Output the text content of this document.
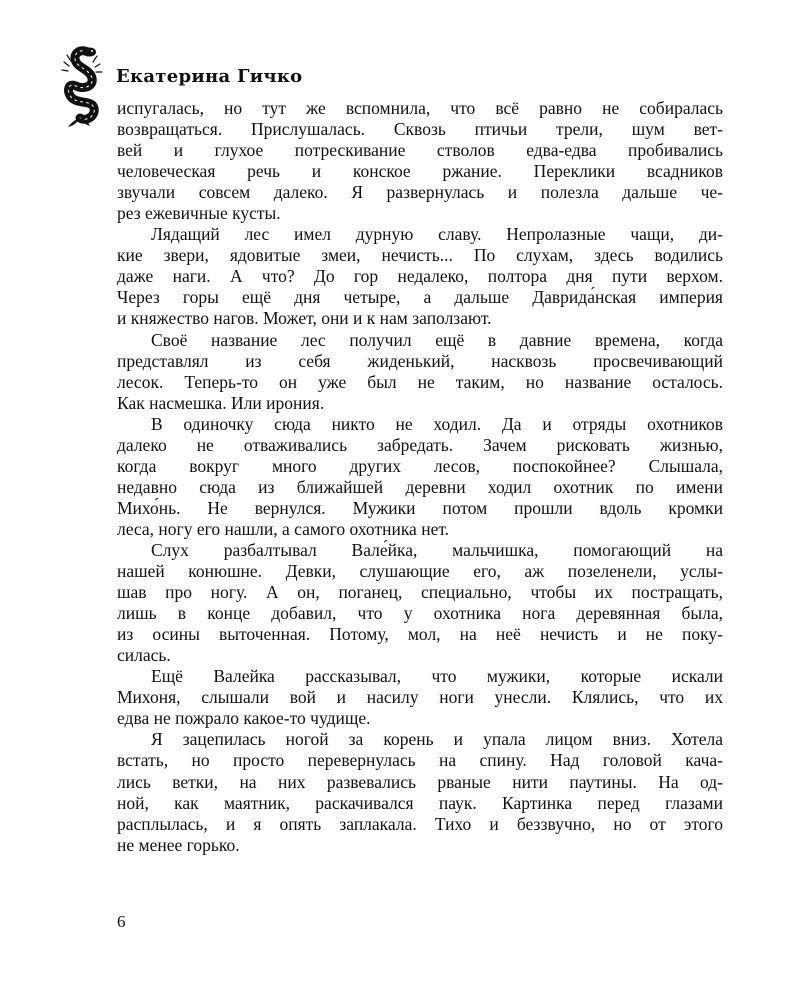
Екатерина Гичко
испугалась, но тут же вспомнила, что всё равно не собиралась
возвращаться. Прислушалась. Сквозь птичьи трели, шум вет-
вей и глухое потрескивание стволов едва-едва пробивались
человеческая речь и конское ржание. Переклики всадников
звучали совсем далеко. Я развернулась и полезла дальше че-
рез ежевичные кусты.
Лядащий лес имел дурную славу. Непролазные чащи, ди-
кие звери, ядовитые змеи, нечисть... По слухам, здесь водились
даже наги. А что? До гор недалеко, полтора дня пути верхом.
Через горы ещё дня четыре, а дальше Даврида́нская империя
и княжество нагов. Может, они и к нам заползают.
Своё название лес получил ещё в давние времена, когда
представлял из себя жиденький, насквозь просвечивающий
лесок. Теперь-то он уже был не таким, но название осталось.
Как насмешка. Или ирония.
В одиночку сюда никто не ходил. Да и отряды охотников
далеко не отваживались забредать. Зачем рисковать жизнью,
когда вокруг много других лесов, поспокойнее? Слышала,
недавно сюда из ближайшей деревни ходил охотник по имени
Михо́нь. Не вернулся. Мужики потом прошли вдоль кромки
леса, ногу его нашли, а самого охотника нет.
Слух разбалтывал Вале́йка, мальчишка, помогающий на
нашей конюшне. Девки, слушающие его, аж позеленели, услы-
шав про ногу. А он, поганец, специально, чтобы их постращать,
лишь в конце добавил, что у охотника нога деревянная была,
из осины выточенная. Потому, мол, на неё нечисть и не поку-
силась.
Ещё Валейка рассказывал, что мужики, которые искали
Михоня, слышали вой и насилу ноги унесли. Клялись, что их
едва не пожрало какое-то чудище.
Я зацепилась ногой за корень и упала лицом вниз. Хотела
встать, но просто перевернулась на спину. Над головой кача-
лись ветки, на них развевались рваные нити паутины. На од-
ной, как маятник, раскачивался паук. Картинка перед глазами
расплылась, и я опять заплакала. Тихо и беззвучно, но от этого
не менее горько.
6
